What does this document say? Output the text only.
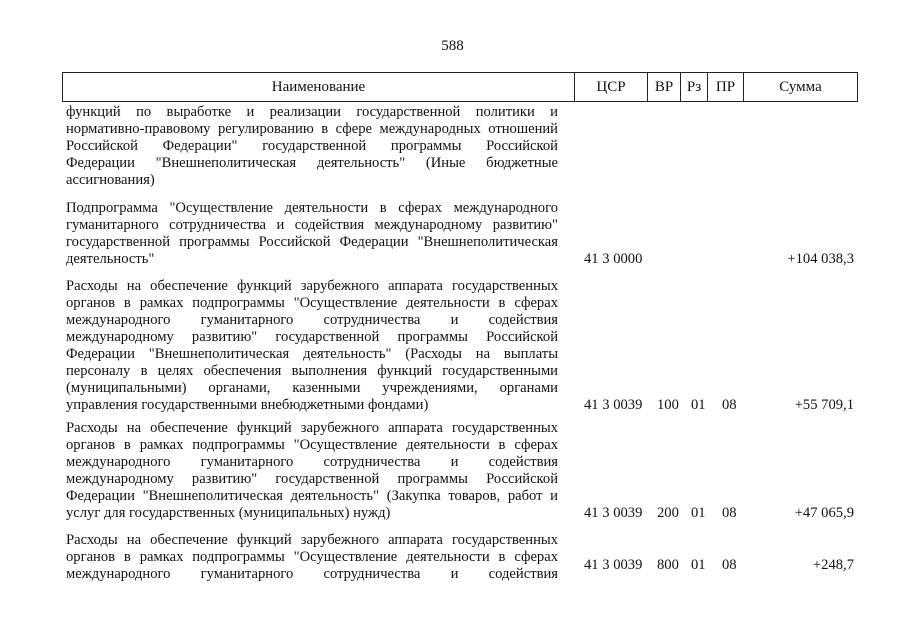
588
Наименование	ЦСР	ВР Рз ПР	Сумма
функций по выработке и реализации государственной политики и
нормативно-правовому регулированию в сфере международных отношений
Российской Федерации" государственной программы Российской
Федерации "Внешнеполитическая деятельность" (Иные бюджетные
ассигнования)
Подпрограмма "Осуществление деятельности в сферах международного
гуманитарного сотрудничества и содействия международному развитию"
государственной программы Российской Федерации "Внешнеполитическая
деятельность"	41 3 0000	+104 038,3
Расходы на обеспечение функций зарубежного аппарата государственных
органов в рамках подпрограммы "Осуществление деятельности в сферах
международного гуманитарного сотрудничества и содействия
международному развитию" государственной программы Российской
Федерации "Внешнеполитическая деятельность" (Расходы на выплаты
персоналу в целях обеспечения выполнения функций государственными
(муниципальными) органами, казенными учреждениями, органами
управления государственными внебюджетными фондами)	41 3 0039 100 01 08	+55 709,1
Расходы на обеспечение функций зарубежного аппарата государственных
органов в рамках подпрограммы "Осуществление деятельности в сферах
международного гуманитарного сотрудничества и содействия
международному развитию" государственной программы Российской
Федерации "Внешнеполитическая деятельность" (Закупка товаров, работ и
услуг для государственных (муниципальных) нужд)	41 3 0039 200 01 08	+47 065,9
Расходы на обеспечение функций зарубежного аппарата государственных
органов в рамках подпрограммы "Осуществление деятельности в сферах
международного гуманитарного сотрудничества и содействия
41 3 0039 800 01 08	+248,7
